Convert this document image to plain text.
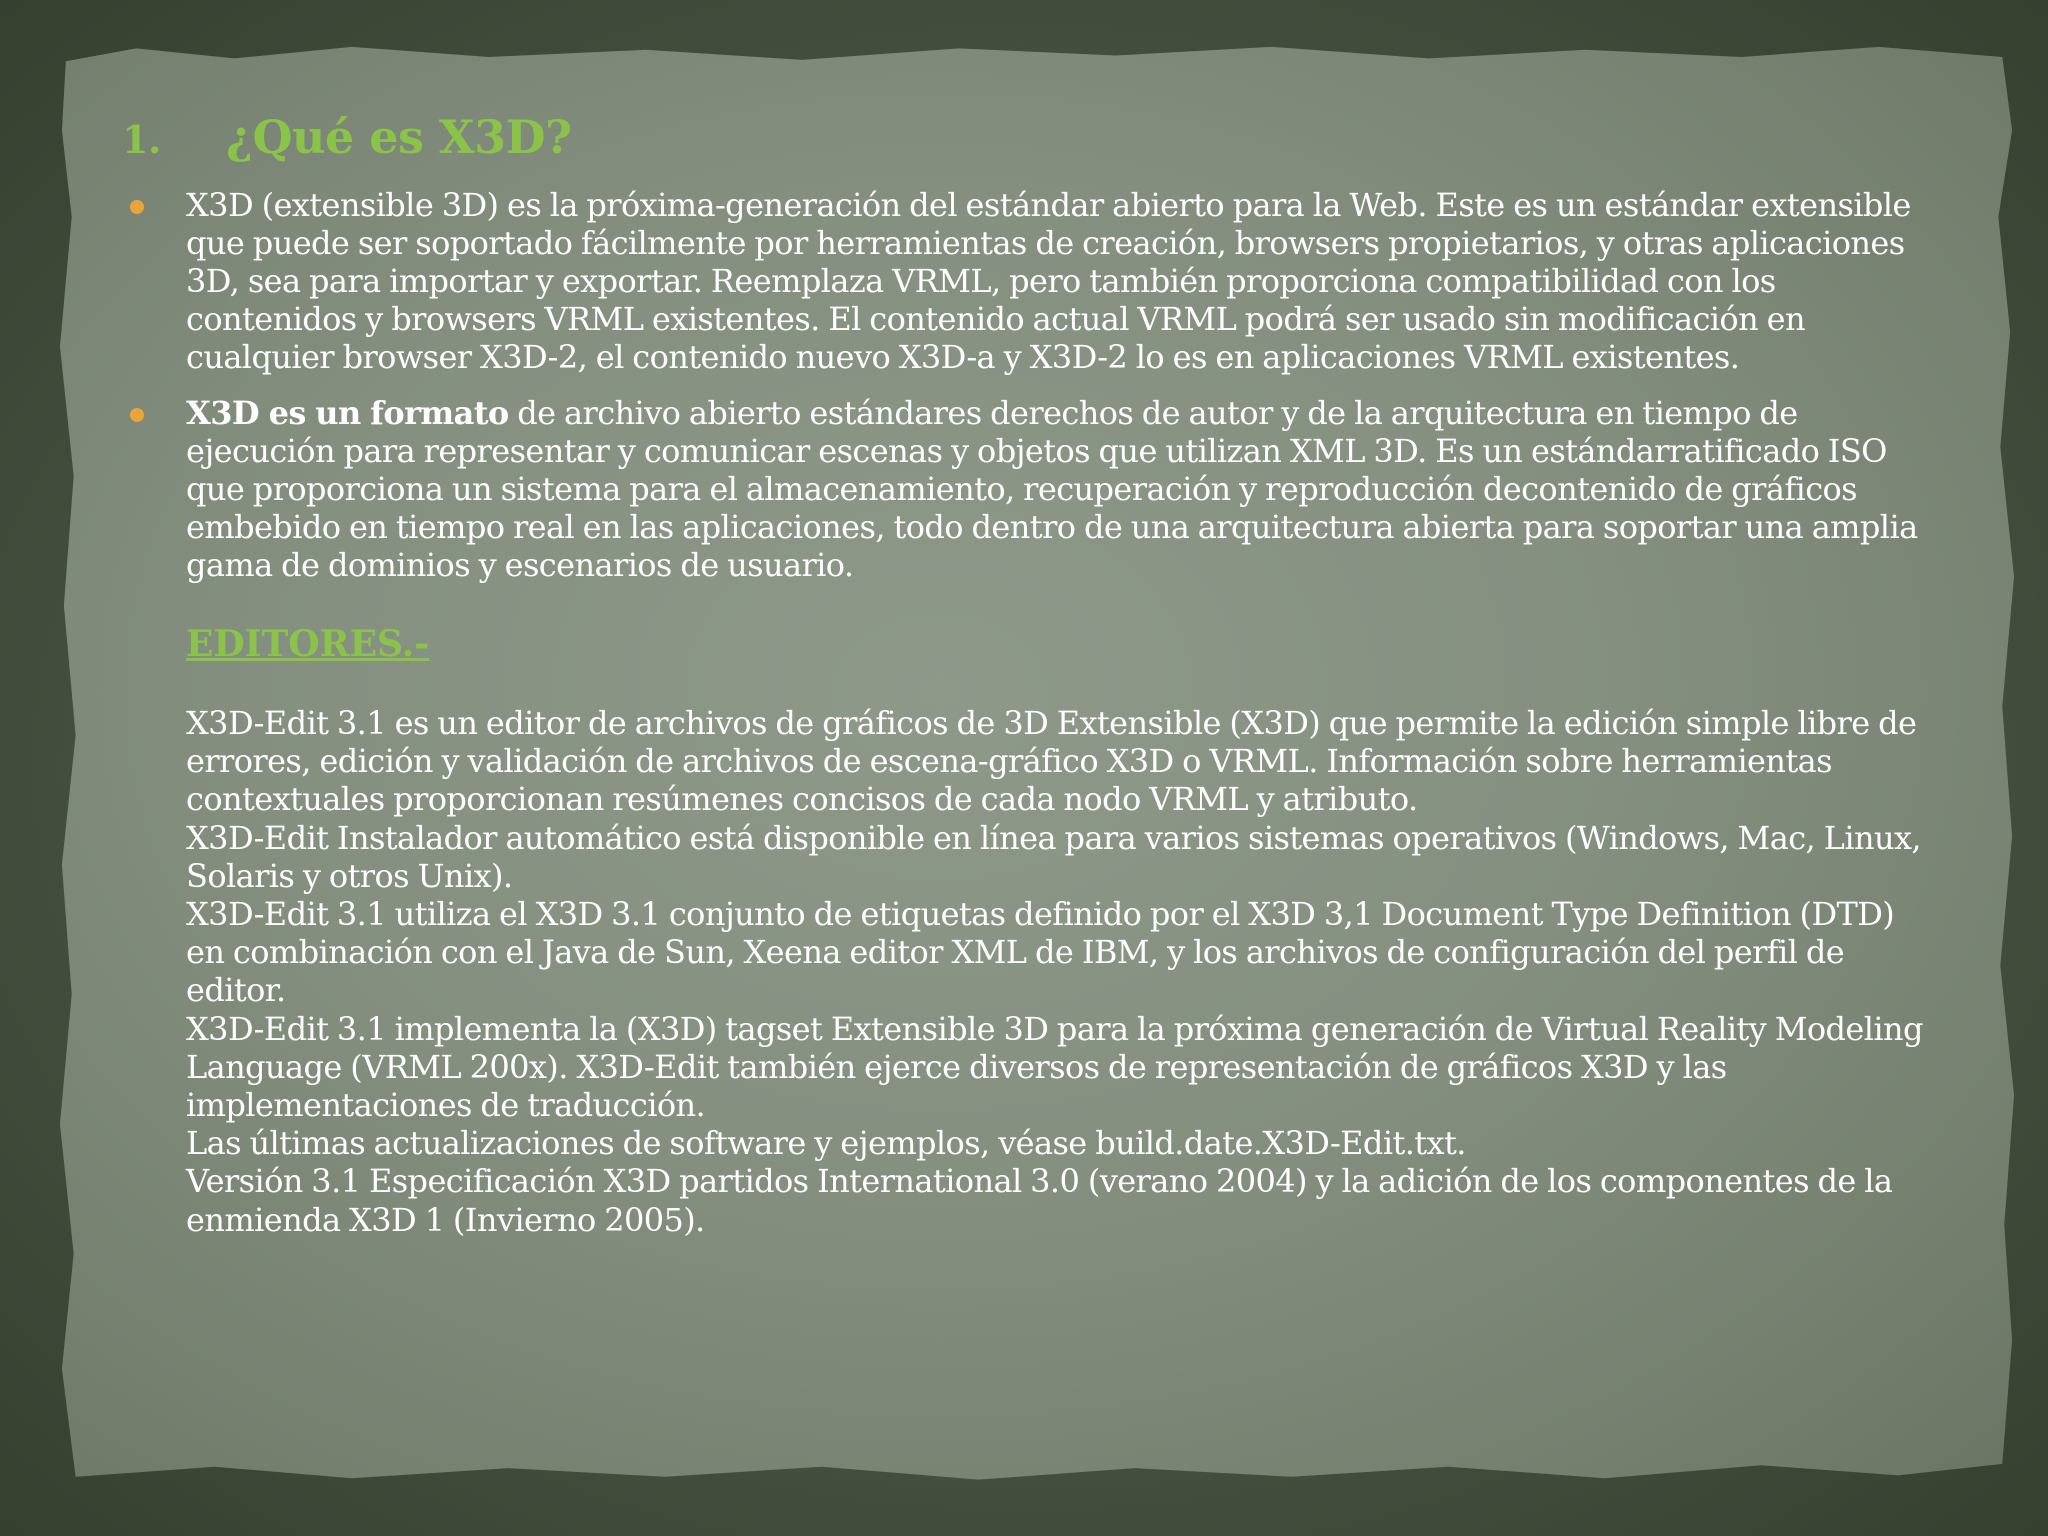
1. ¿Qué es X3D?
X3D (extensible 3D) es la próxima-generación del estándar abierto para la Web. Este es un estándar extensible que puede ser soportado fácilmente por herramientas de creación, browsers propietarios, y otras aplicaciones 3D, sea para importar y exportar. Reemplaza VRML, pero también proporciona compatibilidad con los contenidos y browsers VRML existentes. El contenido actual VRML podrá ser usado sin modificación en cualquier browser X3D-2, el contenido nuevo X3D-a y X3D-2 lo es en aplicaciones VRML existentes.
X3D es un formato de archivo abierto estándares derechos de autor y de la arquitectura en tiempo de ejecución para representar y comunicar escenas y objetos que utilizan XML 3D. Es un estándarratificado ISO que proporciona un sistema para el almacenamiento, recuperación y reproducción decontenido de gráficos embebido en tiempo real en las aplicaciones, todo dentro de una arquitectura abierta para soportar una amplia gama de dominios y escenarios de usuario.
EDITORES.-
X3D-Edit 3.1 es un editor de archivos de gráficos de 3D Extensible (X3D) que permite la edición simple libre de errores, edición y validación de archivos de escena-gráfico X3D o VRML. Información sobre herramientas contextuales proporcionan resúmenes concisos de cada nodo VRML y atributo.
X3D-Edit Instalador automático está disponible en línea para varios sistemas operativos (Windows, Mac, Linux, Solaris y otros Unix).
X3D-Edit 3.1 utiliza el X3D 3.1 conjunto de etiquetas definido por el X3D 3,1 Document Type Definition (DTD) en combinación con el Java de Sun, Xeena editor XML de IBM, y los archivos de configuración del perfil de editor.
X3D-Edit 3.1 implementa la (X3D) tagset Extensible 3D para la próxima generación de Virtual Reality Modeling Language (VRML 200x). X3D-Edit también ejerce diversos de representación de gráficos X3D y las implementaciones de traducción.
Las últimas actualizaciones de software y ejemplos, véase build.date.X3D-Edit.txt.
Versión 3.1 Especificación X3D partidos International 3.0 (verano 2004) y la adición de los componentes de la enmienda X3D 1 (Invierno 2005).
